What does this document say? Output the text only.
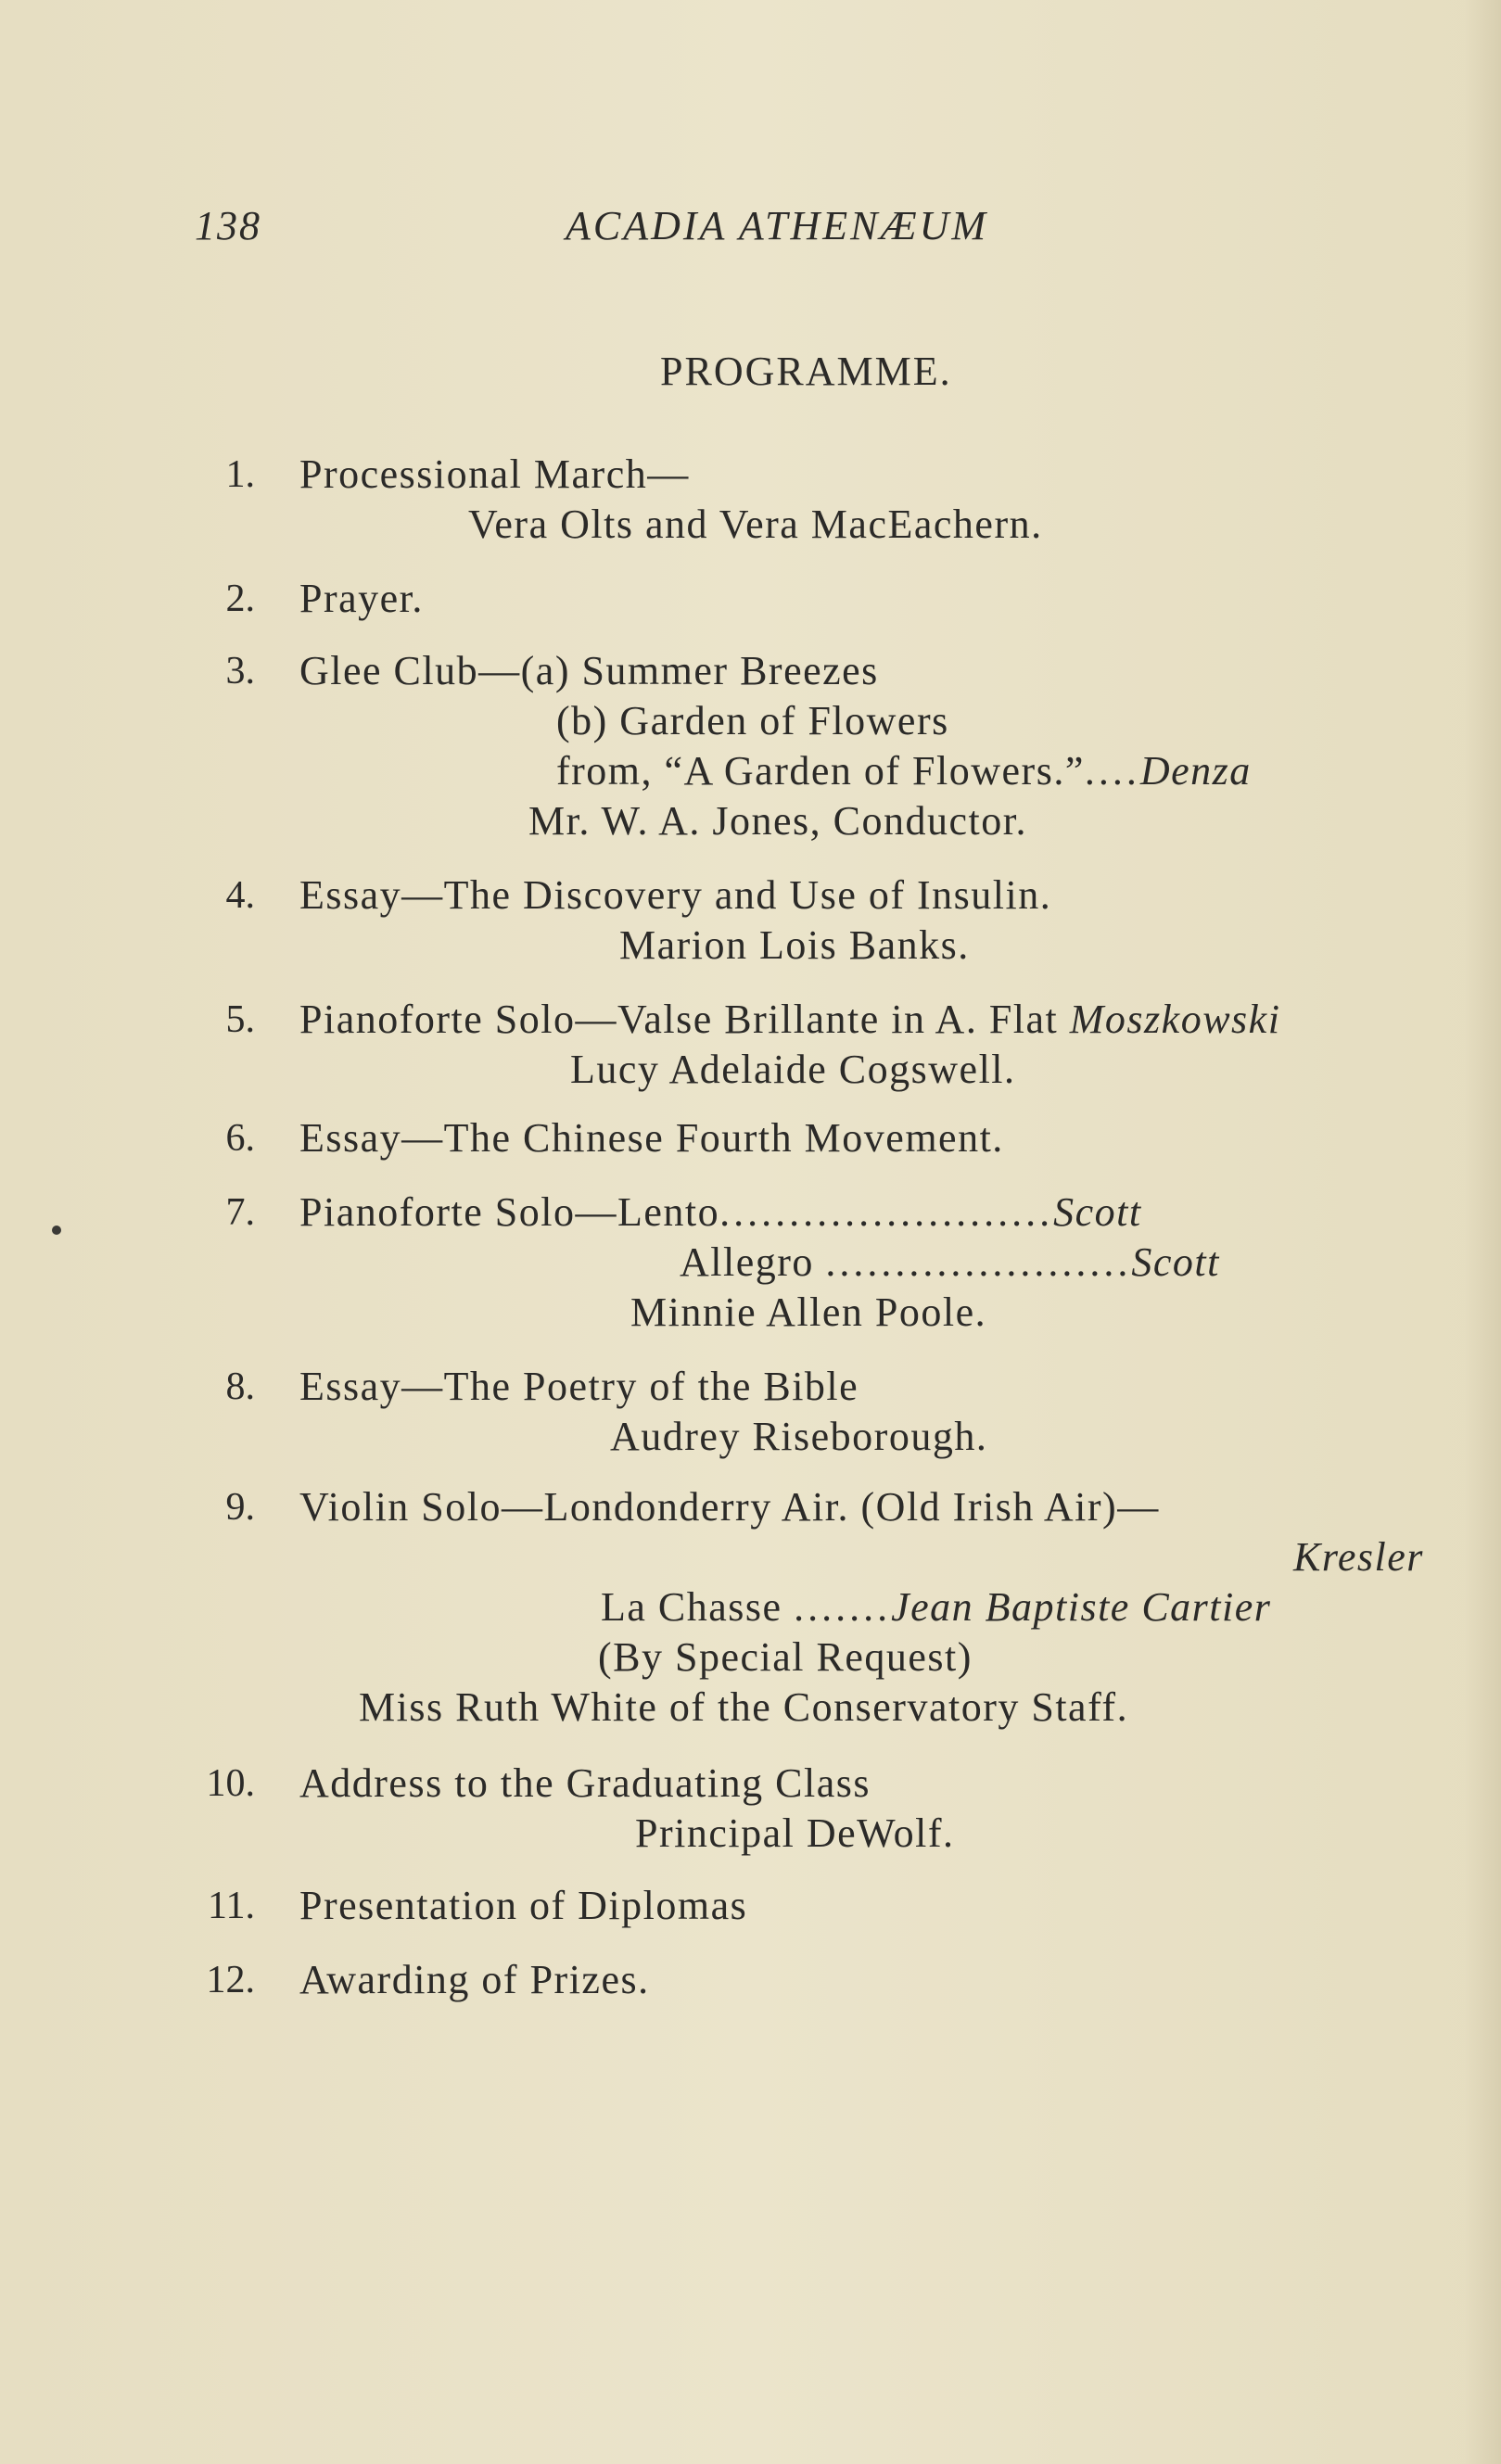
138	ACADIA ATHENÆUM
PROGRAMME.
1. Processional March—
Vera Olts and Vera MacEachern.
2. Prayer.
3. Glee Club—(a) Summer Breezes
(b) Garden of Flowers
from, “A Garden of Flowers.”....Denza
Mr. W. A. Jones, Conductor.
4. Essay—The Discovery and Use of Insulin.
Marion Lois Banks.
5. Pianoforte Solo—Valse Brillante in A. Flat Moszkowski
Lucy Adelaide Cogswell.
6. Essay—The Chinese Fourth Movement.
7. Pianoforte Solo—Lento........................Scott
Allegro ......................Scott
Minnie Allen Poole.
8. Essay—The Poetry of the Bible
Audrey Riseborough.
9. Violin Solo—Londonderry Air. (Old Irish Air)—
Kresler
La Chasse .......Jean Baptiste Cartier
(By Special Request)
Miss Ruth White of the Conservatory Staff.
10. Address to the Graduating Class
Principal DeWolf.
11. Presentation of Diplomas
12. Awarding of Prizes.
